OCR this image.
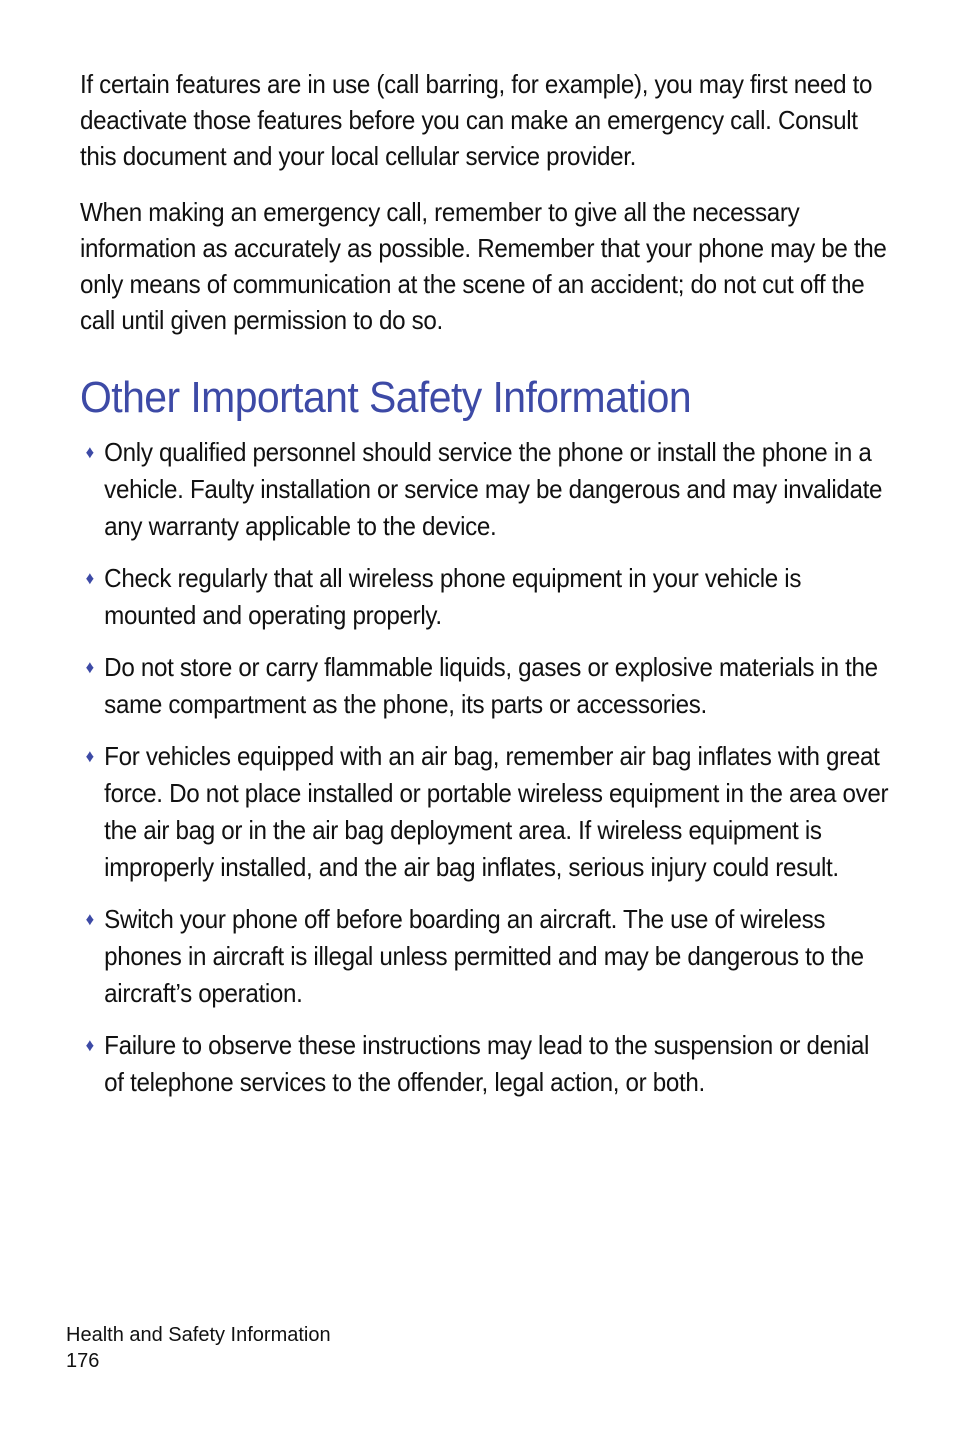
If certain features are in use (call barring, for example), you may first need to deactivate those features before you can make an emergency call. Consult this document and your local cellular service provider.

When making an emergency call, remember to give all the necessary information as accurately as possible. Remember that your phone may be the only means of communication at the scene of an accident; do not cut off the call until given permission to do so.

Other Important Safety Information
♦ Only qualified personnel should service the phone or install the phone in a vehicle. Faulty installation or service may be dangerous and may invalidate any warranty applicable to the device.
♦ Check regularly that all wireless phone equipment in your vehicle is mounted and operating properly.
♦ Do not store or carry flammable liquids, gases or explosive materials in the same compartment as the phone, its parts or accessories.
♦ For vehicles equipped with an air bag, remember air bag inflates with great force. Do not place installed or portable wireless equipment in the area over the air bag or in the air bag deployment area. If wireless equipment is improperly installed, and the air bag inflates, serious injury could result.
♦ Switch your phone off before boarding an aircraft. The use of wireless phones in aircraft is illegal unless permitted and may be dangerous to the aircraft’s operation.
♦ Failure to observe these instructions may lead to the suspension or denial of telephone services to the offender, legal action, or both.
Health and Safety Information
176
